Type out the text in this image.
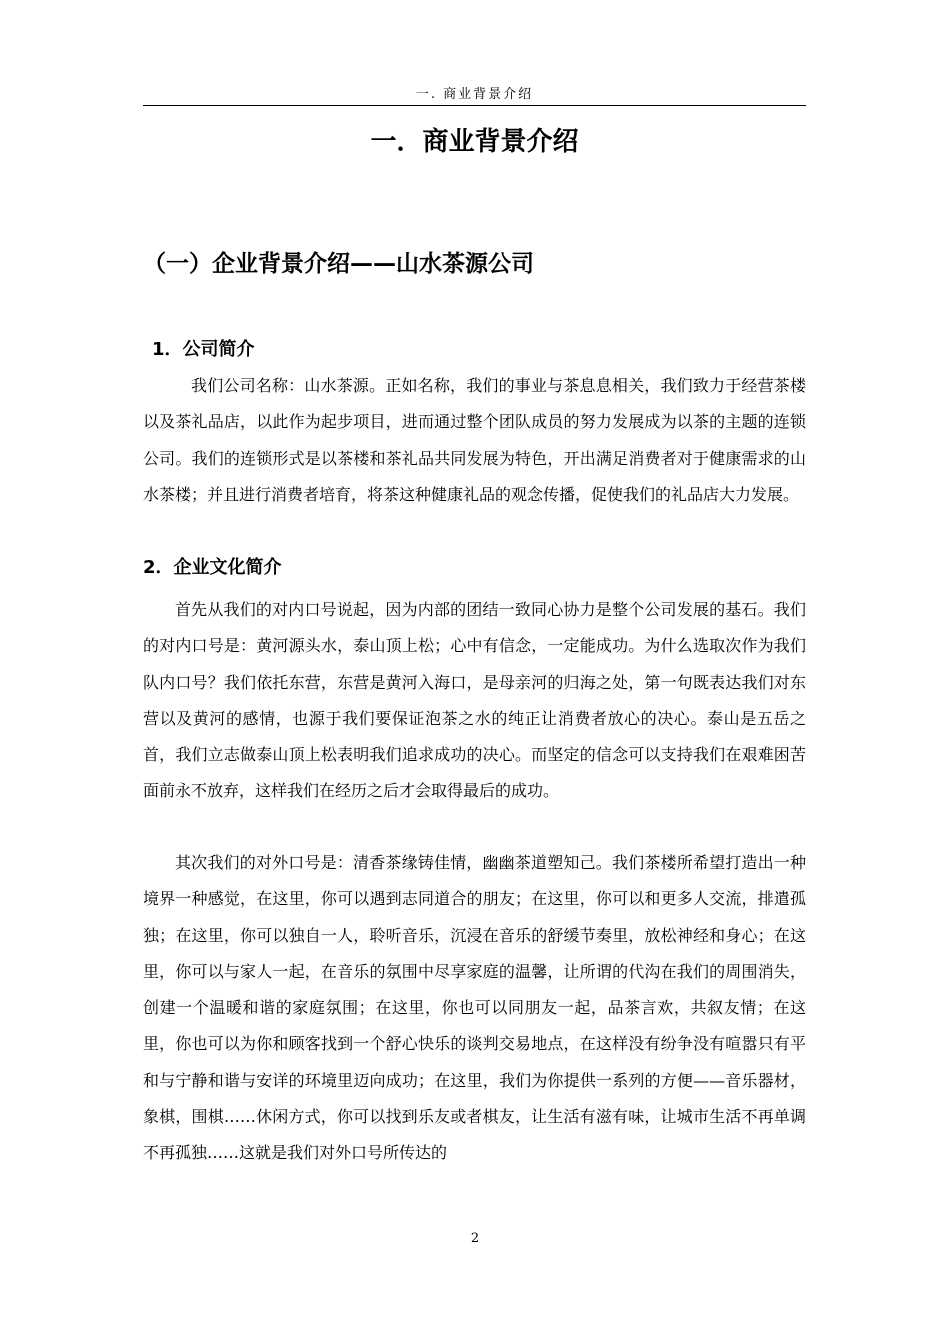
一. 商业背景介绍
一．商业背景介绍
（一）企业背景介绍——山水茶源公司
1．公司简介

我们公司名称：山水茶源。正如名称，我们的事业与茶息息相关，我们致力于经营茶楼以及茶礼品店，以此作为起步项目，进而通过整个团队成员的努力发展成为以茶的主题的连锁公司。我们的连锁形式是以茶楼和茶礼品共同发展为特色，开出满足消费者对于健康需求的山水茶楼；并且进行消费者培育，将茶这种健康礼品的观念传播，促使我们的礼品店大力发展。

2．企业文化简介

首先从我们的对内口号说起，因为内部的团结一致同心协力是整个公司发展的基石。我们的对内口号是：黄河源头水，泰山顶上松；心中有信念，一定能成功。为什么选取次作为我们队内口号？我们依托东营，东营是黄河入海口，是母亲河的归海之处，第一句既表达我们对东营以及黄河的感情，也源于我们要保证泡茶之水的纯正让消费者放心的决心。泰山是五岳之首，我们立志做泰山顶上松表明我们追求成功的决心。而坚定的信念可以支持我们在艰难困苦面前永不放弃，这样我们在经历之后才会取得最后的成功。

其次我们的对外口号是：清香茶缘铸佳情，幽幽茶道塑知己。我们茶楼所希望打造出一种境界一种感觉，在这里，你可以遇到志同道合的朋友；在这里，你可以和更多人交流，排遣孤独；在这里，你可以独自一人，聆听音乐，沉浸在音乐的舒缓节奏里，放松神经和身心；在这里，你可以与家人一起，在音乐的氛围中尽享家庭的温馨，让所谓的代沟在我们的周围消失，创建一个温暖和谐的家庭氛围；在这里，你也可以同朋友一起，品茶言欢，共叙友情；在这里，你也可以为你和顾客找到一个舒心快乐的谈判交易地点，在这样没有纷争没有喧嚣只有平和与宁静和谐与安详的环境里迈向成功；在这里，我们为你提供一系列的方便——音乐器材，象棋，围棋……休闲方式，你可以找到乐友或者棋友，让生活有滋有味，让城市生活不再单调不再孤独……这就是我们对外口号所传达的

2
